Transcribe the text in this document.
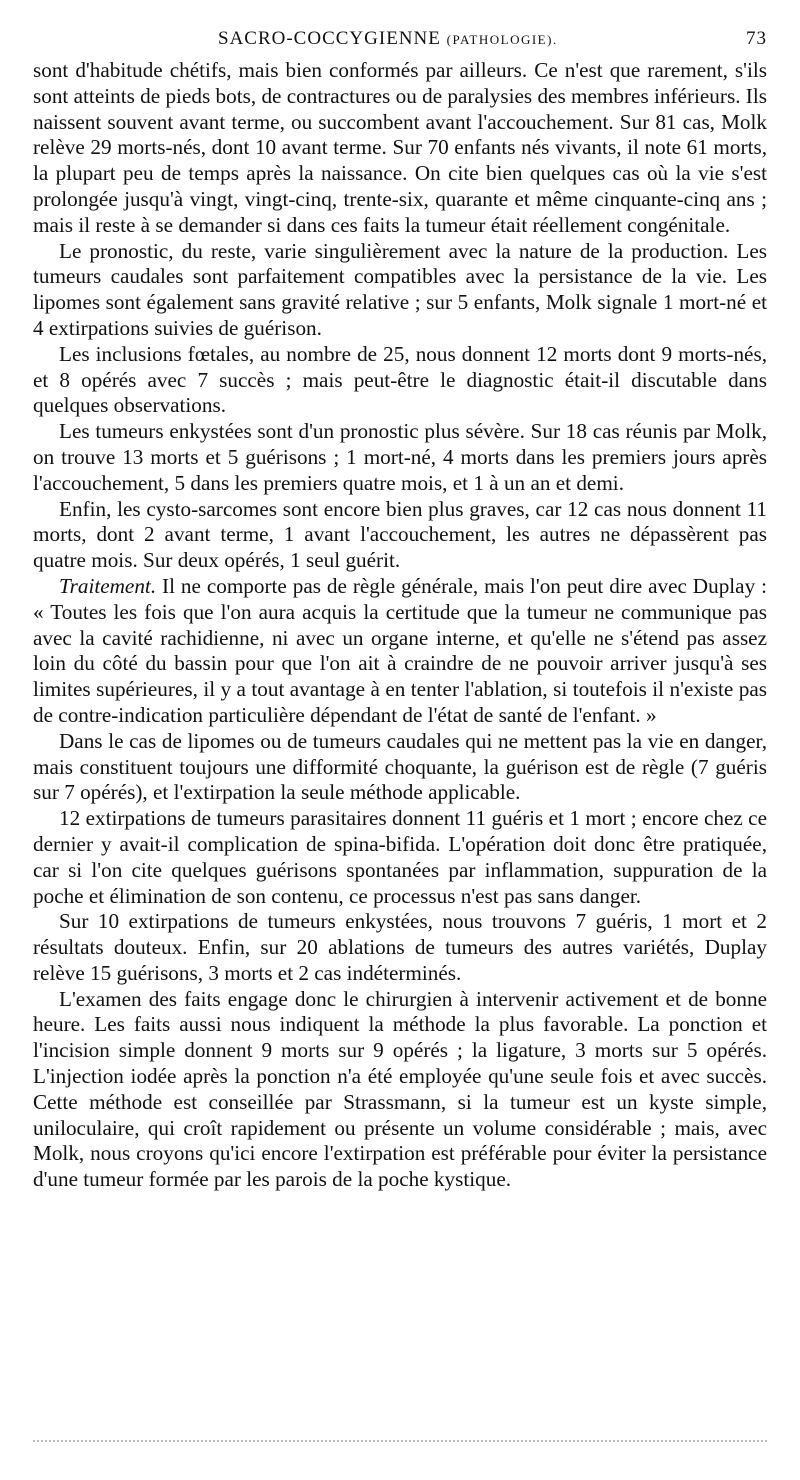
SACRO-COCCYGIENNE (PATHOLOGIE).	73

sont d'habitude chétifs, mais bien conformés par ailleurs. Ce n'est que rarement, s'ils sont atteints de pieds bots, de contractures ou de paralysies des membres inférieurs. Ils naissent souvent avant terme, ou succombent avant l'accouchement. Sur 81 cas, Molk relève 29 morts-nés, dont 10 avant terme. Sur 70 enfants nés vivants, il note 61 morts, la plupart peu de temps après la naissance. On cite bien quelques cas où la vie s'est prolongée jusqu'à vingt, vingt-cinq, trente-six, quarante et même cinquante-cinq ans ; mais il reste à se demander si dans ces faits la tumeur était réellement congénitale.

Le pronostic, du reste, varie singulièrement avec la nature de la production. Les tumeurs caudales sont parfaitement compatibles avec la persistance de la vie. Les lipomes sont également sans gravité relative ; sur 5 enfants, Molk signale 1 mort-né et 4 extirpations suivies de guérison.

Les inclusions fœtales, au nombre de 25, nous donnent 12 morts dont 9 morts-nés, et 8 opérés avec 7 succès ; mais peut-être le diagnostic était-il discutable dans quelques observations.

Les tumeurs enkystées sont d'un pronostic plus sévère. Sur 18 cas réunis par Molk, on trouve 13 morts et 5 guérisons ; 1 mort-né, 4 morts dans les premiers jours après l'accouchement, 5 dans les premiers quatre mois, et 1 à un an et demi.

Enfin, les cysto-sarcomes sont encore bien plus graves, car 12 cas nous donnent 11 morts, dont 2 avant terme, 1 avant l'accouchement, les autres ne dépassèrent pas quatre mois. Sur deux opérés, 1 seul guérit.

Traitement. Il ne comporte pas de règle générale, mais l'on peut dire avec Duplay : « Toutes les fois que l'on aura acquis la certitude que la tumeur ne communique pas avec la cavité rachidienne, ni avec un organe interne, et qu'elle ne s'étend pas assez loin du côté du bassin pour que l'on ait à craindre de ne pouvoir arriver jusqu'à ses limites supérieures, il y a tout avantage à en tenter l'ablation, si toutefois il n'existe pas de contre-indication particulière dépendant de l'état de santé de l'enfant. »

Dans le cas de lipomes ou de tumeurs caudales qui ne mettent pas la vie en danger, mais constituent toujours une difformité choquante, la guérison est de règle (7 guéris sur 7 opérés), et l'extirpation la seule méthode applicable.

12 extirpations de tumeurs parasitaires donnent 11 guéris et 1 mort ; encore chez ce dernier y avait-il complication de spina-bifida. L'opération doit donc être pratiquée, car si l'on cite quelques guérisons spontanées par inflammation, suppuration de la poche et élimination de son contenu, ce processus n'est pas sans danger.

Sur 10 extirpations de tumeurs enkystées, nous trouvons 7 guéris, 1 mort et 2 résultats douteux. Enfin, sur 20 ablations de tumeurs des autres variétés, Duplay relève 15 guérisons, 3 morts et 2 cas indéterminés.

L'examen des faits engage donc le chirurgien à intervenir activement et de bonne heure. Les faits aussi nous indiquent la méthode la plus favorable. La ponction et l'incision simple donnent 9 morts sur 9 opérés ; la ligature, 3 morts sur 5 opérés. L'injection iodée après la ponction n'a été employée qu'une seule fois et avec succès. Cette méthode est conseillée par Strassmann, si la tumeur est un kyste simple, uniloculaire, qui croît rapidement ou présente un volume considérable ; mais, avec Molk, nous croyons qu'ici encore l'extirpation est préférable pour éviter la persistance d'une tumeur formée par les parois de la poche kystique.
